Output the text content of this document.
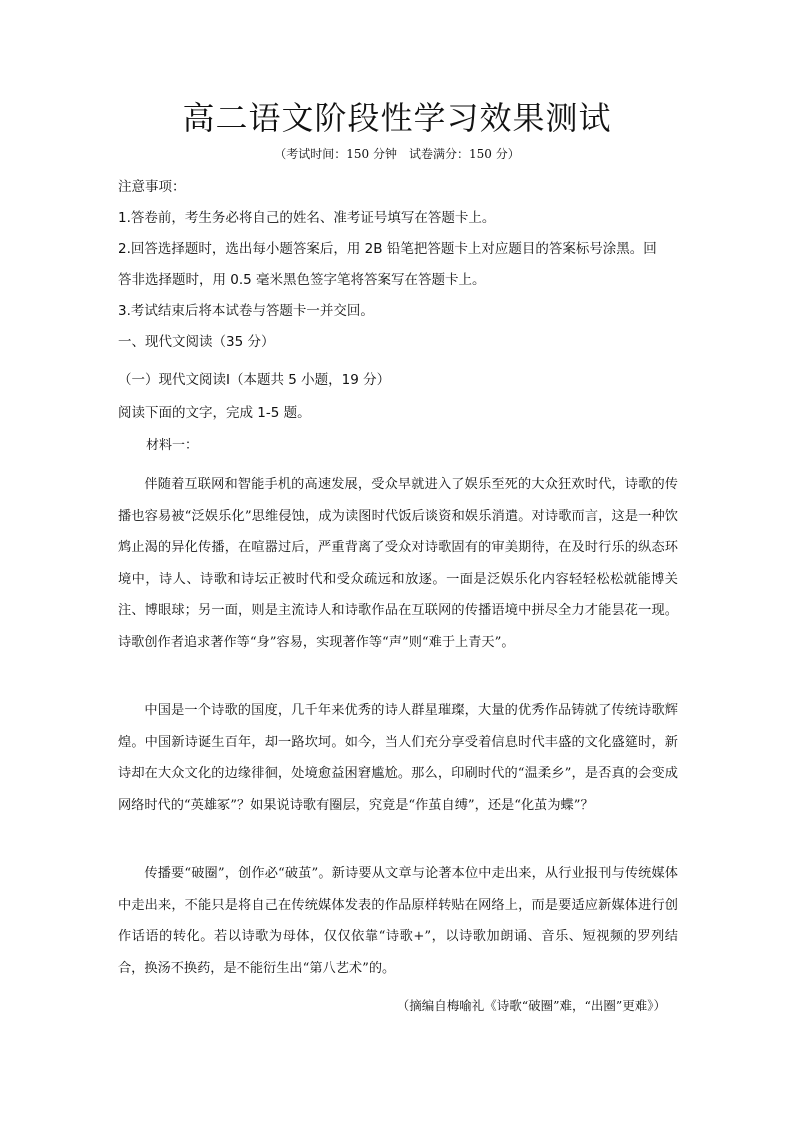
高二语文阶段性学习效果测试
（考试时间：150 分钟　试卷满分：150 分）
注意事项：
1.答卷前，考生务必将自己的姓名、准考证号填写在答题卡上。
2.回答选择题时，选出每小题答案后，用 2B 铅笔把答题卡上对应题目的答案标号涂黑。回
答非选择题时，用 0.5 毫米黑色签字笔将答案写在答题卡上。
3.考试结束后将本试卷与答题卡一并交回。
一、现代文阅读（35 分）
（一）现代文阅读Ⅰ（本题共 5 小题，19 分）
阅读下面的文字，完成 1-5 题。
材料一：

伴随着互联网和智能手机的高速发展，受众早就进入了娱乐至死的大众狂欢时代，诗歌的传播也容易被“泛娱乐化”思维侵蚀，成为读图时代饭后谈资和娱乐消遣。对诗歌而言，这是一种饮鸩止渴的异化传播，在喧嚣过后，严重背离了受众对诗歌固有的审美期待，在及时行乐的纵态环境中，诗人、诗歌和诗坛正被时代和受众疏远和放逐。一面是泛娱乐化内容轻轻松松就能博关注、博眼球；另一面，则是主流诗人和诗歌作品在互联网的传播语境中拼尽全力才能昙花一现。诗歌创作者追求著作等“身”容易，实现著作等“声”则“难于上青天”。

中国是一个诗歌的国度，几千年来优秀的诗人群星璀璨，大量的优秀作品铸就了传统诗歌辉煌。中国新诗诞生百年，却一路坎坷。如今，当人们充分享受着信息时代丰盛的文化盛筵时，新诗却在大众文化的边缘徘徊，处境愈益困窘尴尬。那么，印刷时代的“温柔乡”，是否真的会变成网络时代的“英雄冢”？如果说诗歌有圈层，究竟是“作茧自缚”，还是“化茧为蝶”？

传播要“破圈”，创作必“破茧”。新诗要从文章与论著本位中走出来，从行业报刊与传统媒体中走出来，不能只是将自己在传统媒体发表的作品原样转贴在网络上，而是要适应新媒体进行创作话语的转化。若以诗歌为母体，仅仅依靠“诗歌+”，以诗歌加朗诵、音乐、短视频的罗列结合，换汤不换药，是不能衍生出“第八艺术”的。

（摘编自梅喻礼《诗歌“破圈”难，“出圈”更难》）
